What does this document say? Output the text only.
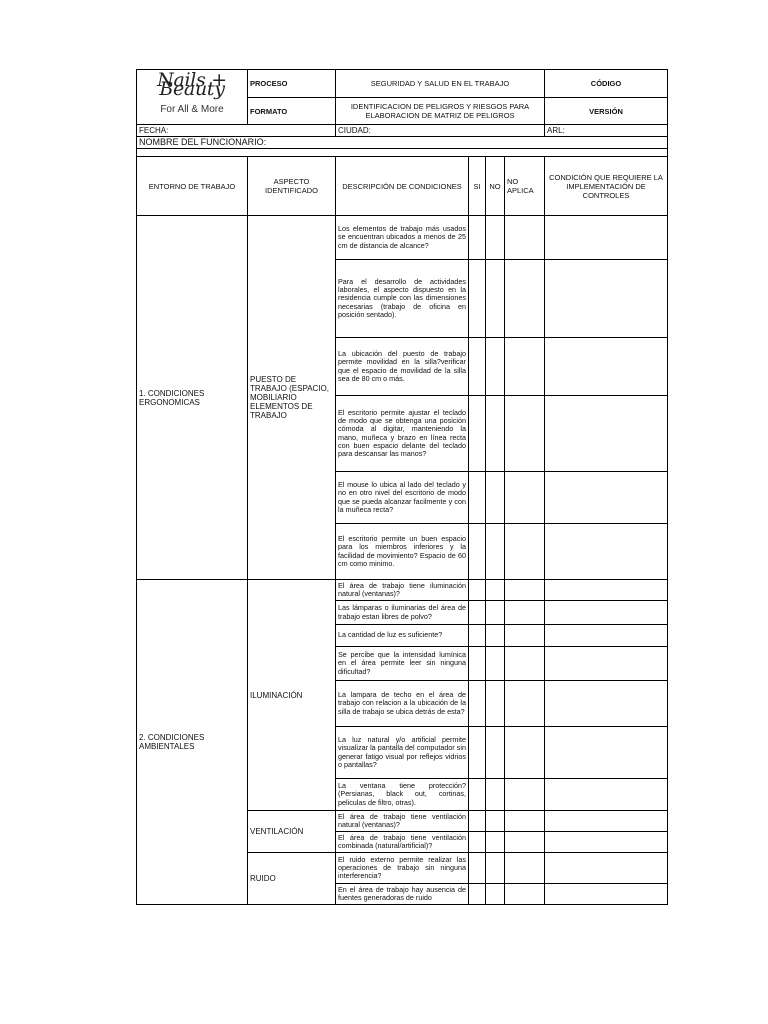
Nails + Beauty
For All & More	PROCESO	SEGURIDAD Y SALUD EN EL TRABAJO				CÓDIGO
	FORMATO	IDENTIFICACION DE PELIGROS Y RIESGOS PARA ELABORACION DE MATRIZ DE PELIGROS				VERSIÓN
FECHA:		CIUDAD:				ARL:
NOMBRE DEL FUNCIONARIO:						

ENTORNO DE TRABAJO	ASPECTO IDENTIFICADO	DESCRIPCIÓN DE CONDICIONES	SI	NO	NO APLICA	CONDICIÓN QUE REQUIERE LA IMPLEMENTACIÓN DE CONTROLES
1. CONDICIONES ERGONOMICAS	PUESTO DE TRABAJO (ESPACIO, MOBILIARIO ELEMENTOS DE TRABAJO	Los elementos de trabajo más usados se encuentran ubicados a menos de 25 cm de distancia de alcance?				
		Para el desarrollo de actividades laborales, el aspecto dispuesto en la residencia cumple con las dimensiones necesarias (trabajo de oficina en posición sentado).				
		La ubicación del puesto de trabajo permite movilidad en la silla?verificar que el espacio de movilidad de la silla sea de 80 cm o más.				
		El escritorio permite ajustar el teclado de modo que se obtenga una posición cómoda al digitar, manteniendo la mano, muñeca y brazo en línea recta con buen espacio delante del teclado para descansar las manos?				
		El mouse lo ubica al lado del teclado y no en otro nivel del escritorio de modo que se pueda alcanzar facilmente y con la muñeca recta?				
		El escritorio permite un buen espacio para los miembros inferiores y la facilidad de movimiento? Espacio de 60 cm como minimo.				
2. CONDICIONES AMBIENTALES	ILUMINACIÓN	El área de trabajo tiene iluminación natural (ventanas)?				
		Las lámparas o iluminarias del área de trabajo estan libres de polvo?				
		La cantidad de luz es suficiente?				
		Se percibe que la intensidad lumínica en el área permite leer sin ninguna dificultad?				
		La lampara de techo en el área de trabajo con relacion a la ubicación de la silla de trabajo se ubica detrás de esta?				
		La luz natural y/o artificial permite visualizar la pantalla del computador sin generar fatigo visual por reflejos vidrios o pantallas?				
		La ventana tiene protección? (Persianas, black out, cortinas, peliculas de filtro, otras).				
	VENTILACIÓN	El área de trabajo tiene ventilación natural (ventanas)?				
		El área de trabajo tiene ventilación combinada (natural/artificial)?				
	RUIDO	El ruido externo permite realizar las operaciones de trabajo sin ninguna interferencia?				
		En el área de trabajo hay ausencia de fuentes generadoras de ruido				
